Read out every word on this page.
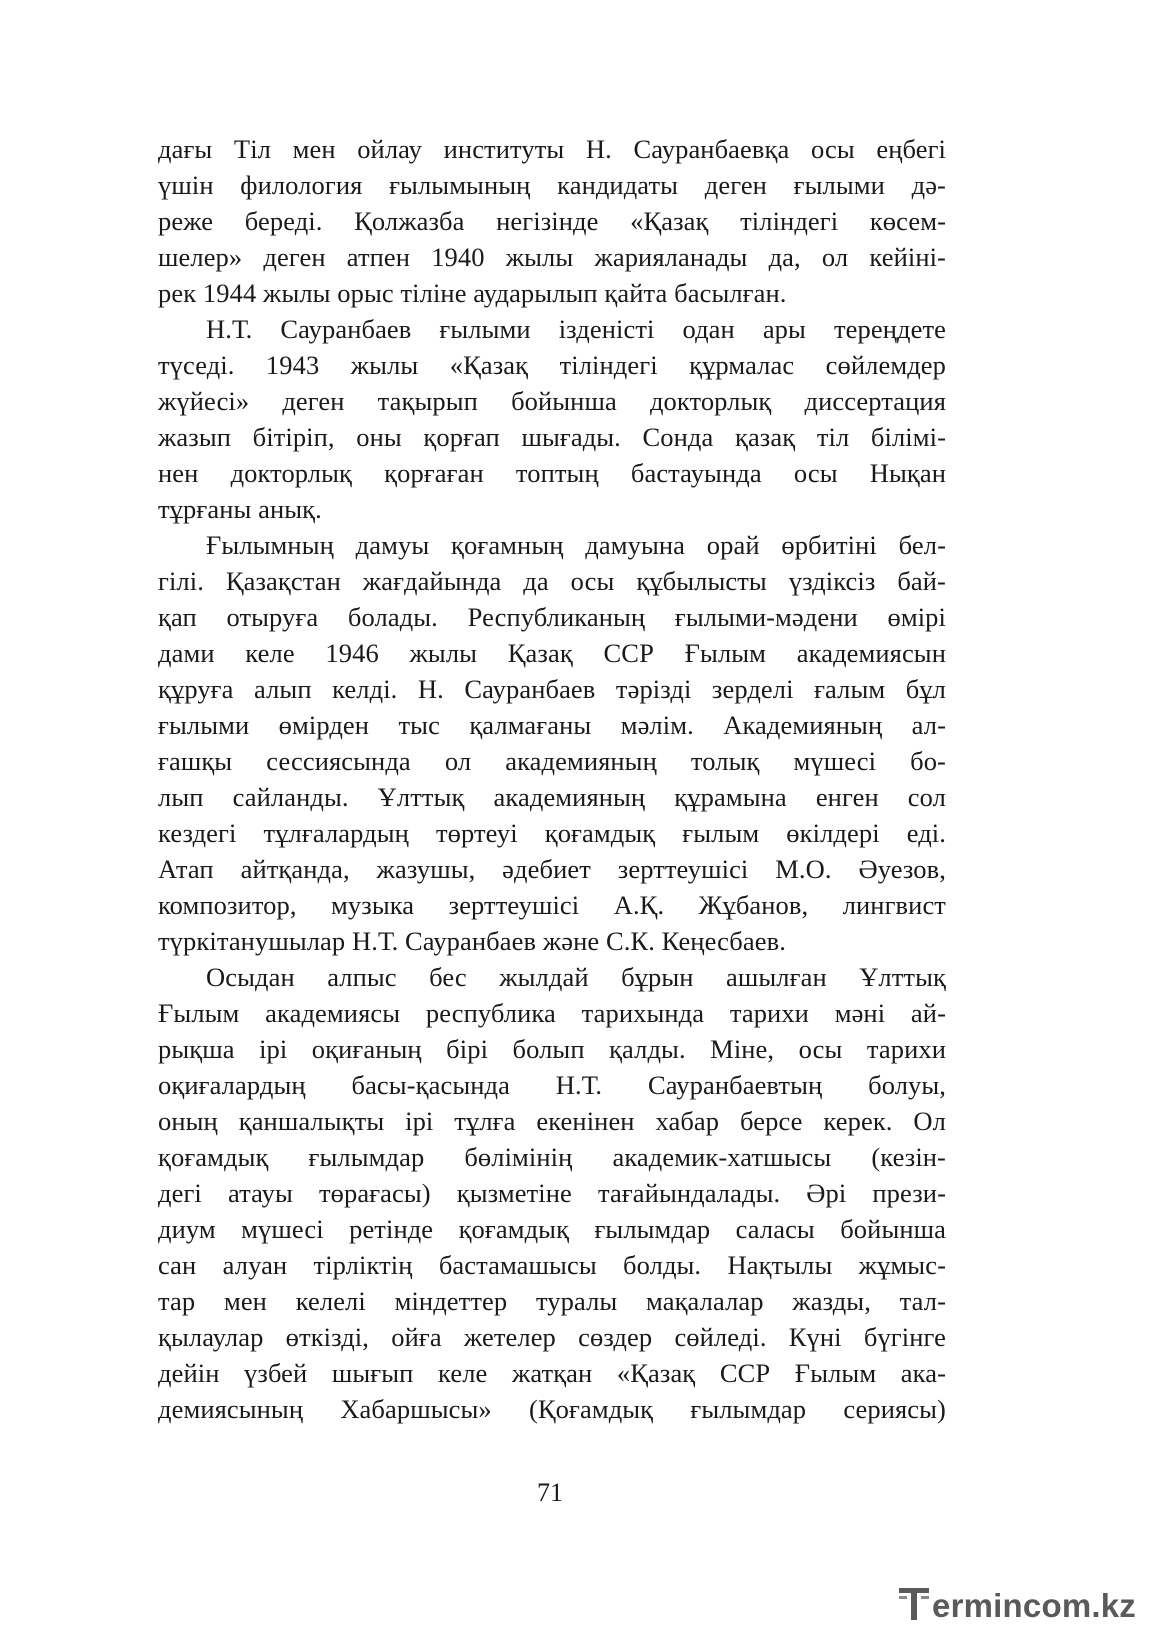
дағы Тіл мен ойлау институты Н. Сауранбаевқа осы еңбегі
үшін филология ғылымының кандидаты деген ғылыми дә-
реже береді. Қолжазба негізінде «Қазақ тіліндегі көсем-
шелер» деген атпен 1940 жылы жарияланады да, ол кейіні-
рек 1944 жылы орыс тіліне аударылып қайта басылған.
Н.Т. Сауранбаев ғылыми ізденісті одан ары тереңдете
түседі. 1943 жылы «Қазақ тіліндегі құрмалас сөйлемдер
жүйесі» деген тақырып бойынша докторлық диссертация
жазып бітіріп, оны қорғап шығады. Сонда қазақ тіл білімі-
нен докторлық қорғаған топтың бастауында осы Нықан
тұрғаны анық.
Ғылымның дамуы қоғамның дамуына орай өрбитіні бел-
гілі. Қазақстан жағдайында да осы құбылысты үздіксіз бай-
қап отыруға болады. Республиканың ғылыми-мәдени өмірі
дами келе 1946 жылы Қазақ ССР Ғылым академиясын
құруға алып келді. Н. Сауранбаев тәрізді зерделі ғалым бұл
ғылыми өмірден тыс қалмағаны мәлім. Академияның ал-
ғашқы сессиясында ол академияның толық мүшесі бо-
лып сайланды. Ұлттық академияның құрамына енген сол
кездегі тұлғалардың төртеуі қоғамдық ғылым өкілдері еді.
Атап айтқанда, жазушы, әдебиет зерттеушісі М.О. Әуезов,
композитор, музыка зерттеушісі А.Қ. Жұбанов, лингвист
түркітанушылар Н.Т. Сауранбаев және С.К. Кеңесбаев.
Осыдан алпыс бес жылдай бұрын ашылған Ұлттық
Ғылым академиясы республика тарихында тарихи мәні ай-
рықша ірі оқиғаның бірі болып қалды. Міне, осы тарихи
оқиғалардың басы-қасында Н.Т. Сауранбаевтың болуы,
оның қаншалықты ірі тұлға екенінен хабар берсе керек. Ол
қоғамдық ғылымдар бөлімінің академик-хатшысы (кезін-
дегі атауы төрағасы) қызметіне тағайындалады. Әрі прези-
диум мүшесі ретінде қоғамдық ғылымдар саласы бойынша
сан алуан тірліктің бастамашысы болды. Нақтылы жұмыс-
тар мен келелі міндеттер туралы мақалалар жазды, тал-
қылаулар өткізді, ойға жетелер сөздер сөйледі. Күні бүгінге
дейін үзбей шығып келе жатқан «Қазақ ССР Ғылым ака-
демиясының Хабаршысы» (Қоғамдық ғылымдар сериясы)
71
ermincom.kz
